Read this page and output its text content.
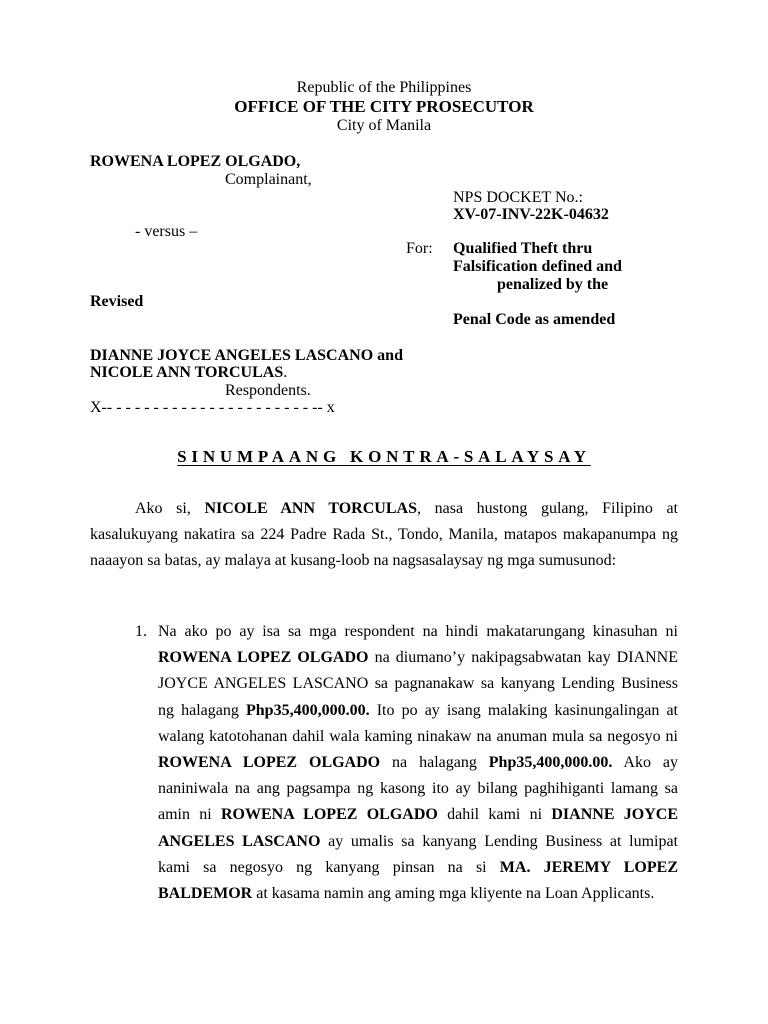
Republic of the Philippines
OFFICE OF THE CITY PROSECUTOR
City of Manila
ROWENA LOPEZ OLGADO,
Complainant,
NPS DOCKET No.:
XV-07-INV-22K-04632
- versus –
For: Qualified Theft thru
Falsification defined and
penalized by the
Revised
Penal Code as amended
DIANNE JOYCE ANGELES LASCANO and
NICOLE ANN TORCULAS.
Respondents.
X-- - - - - - - - - - - - - - - - - - - - - - -- x
SINUMPAANG KONTRA-SALAYSAY
Ako si, NICOLE ANN TORCULAS, nasa hustong gulang, Filipino at kasalukuyang nakatira sa 224 Padre Rada St., Tondo, Manila, matapos makapanumpa ng naaayon sa batas, ay malaya at kusang-loob na nagsasalaysay ng mga sumusunod:
1. Na ako po ay isa sa mga respondent na hindi makatarungang kinasuhan ni ROWENA LOPEZ OLGADO na diumano’y nakipagsabwatan kay DIANNE JOYCE ANGELES LASCANO sa pagnanakaw sa kanyang Lending Business ng halagang Php35,400,000.00. Ito po ay isang malaking kasinungalingan at walang katotohanan dahil wala kaming ninakaw na anuman mula sa negosyo ni ROWENA LOPEZ OLGADO na halagang Php35,400,000.00. Ako ay naniniwala na ang pagsampa ng kasong ito ay bilang paghihiganti lamang sa amin ni ROWENA LOPEZ OLGADO dahil kami ni DIANNE JOYCE ANGELES LASCANO ay umalis sa kanyang Lending Business at lumipat kami sa negosyo ng kanyang pinsan na si MA. JEREMY LOPEZ BALDEMOR at kasama namin ang aming mga kliyente na Loan Applicants.
